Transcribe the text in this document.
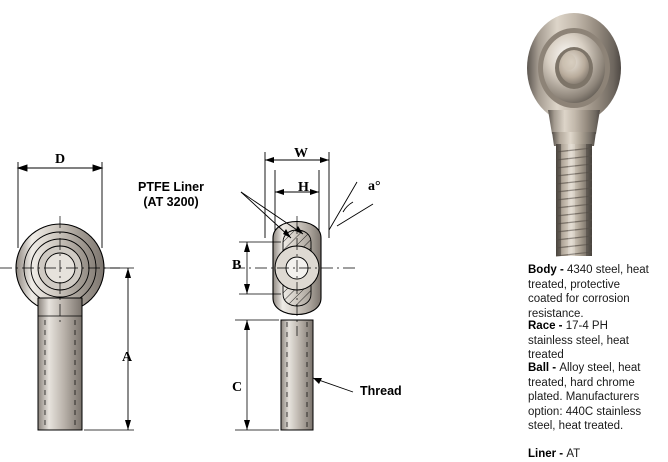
D
A
W
H
B
C
a°
PTFE Liner
(AT 3200)
Thread

Body - 4340 steel, heat treated, protective coated for corrosion resistance.

Race - 17-4 PH stainless steel, heat treated

Ball - Alloy steel, heat treated, hard chrome plated. Manufacturers option: 440C stainless steel, heat treated.

Liner - AT
